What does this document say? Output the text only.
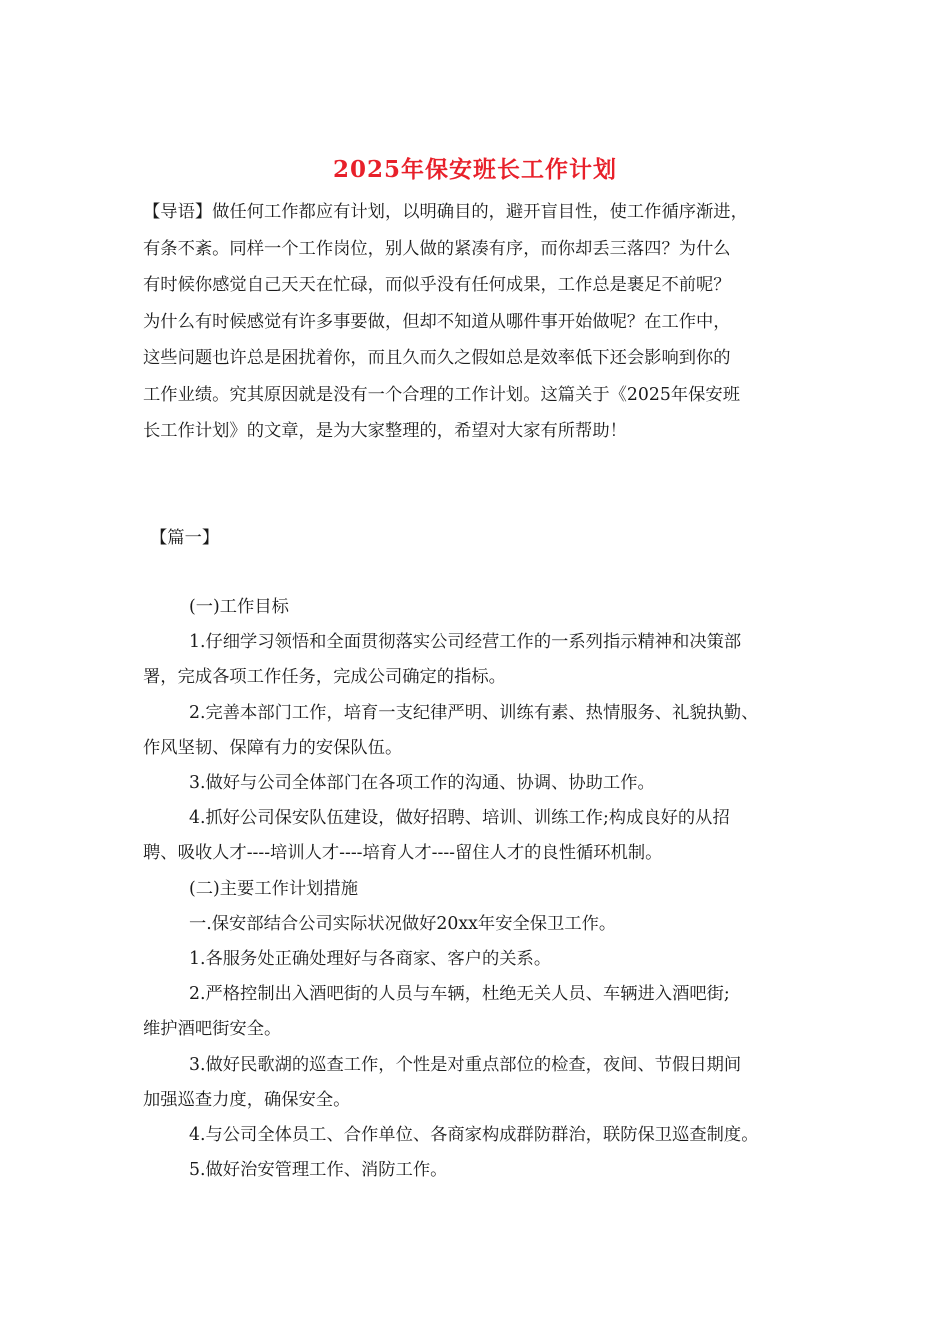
2025年保安班长工作计划
【导语】做任何工作都应有计划，以明确目的，避开盲目性，使工作循序渐进，
有条不紊。同样一个工作岗位，别人做的紧凑有序，而你却丢三落四？为什么
有时候你感觉自己天天在忙碌，而似乎没有任何成果，工作总是裹足不前呢？
为什么有时候感觉有许多事要做，但却不知道从哪件事开始做呢？在工作中，
这些问题也许总是困扰着你，而且久而久之假如总是效率低下还会影响到你的
工作业绩。究其原因就是没有一个合理的工作计划。这篇关于《2025年保安班
长工作计划》的文章，是为大家整理的，希望对大家有所帮助！

【篇一】

(一)工作目标
1.仔细学习领悟和全面贯彻落实公司经营工作的一系列指示精神和决策部
署，完成各项工作任务，完成公司确定的指标。
2.完善本部门工作，培育一支纪律严明、训练有素、热情服务、礼貌执勤、
作风坚韧、保障有力的安保队伍。
3.做好与公司全体部门在各项工作的沟通、协调、协助工作。
4.抓好公司保安队伍建设，做好招聘、培训、训练工作;构成良好的从招
聘、吸收人才----培训人才----培育人才----留住人才的良性循环机制。
(二)主要工作计划措施
一.保安部结合公司实际状况做好20xx年安全保卫工作。
1.各服务处正确处理好与各商家、客户的关系。
2.严格控制出入酒吧街的人员与车辆，杜绝无关人员、车辆进入酒吧街;
维护酒吧街安全。
3.做好民歌湖的巡查工作，个性是对重点部位的检查，夜间、节假日期间
加强巡查力度，确保安全。
4.与公司全体员工、合作单位、各商家构成群防群治，联防保卫巡查制度。
5.做好治安管理工作、消防工作。
